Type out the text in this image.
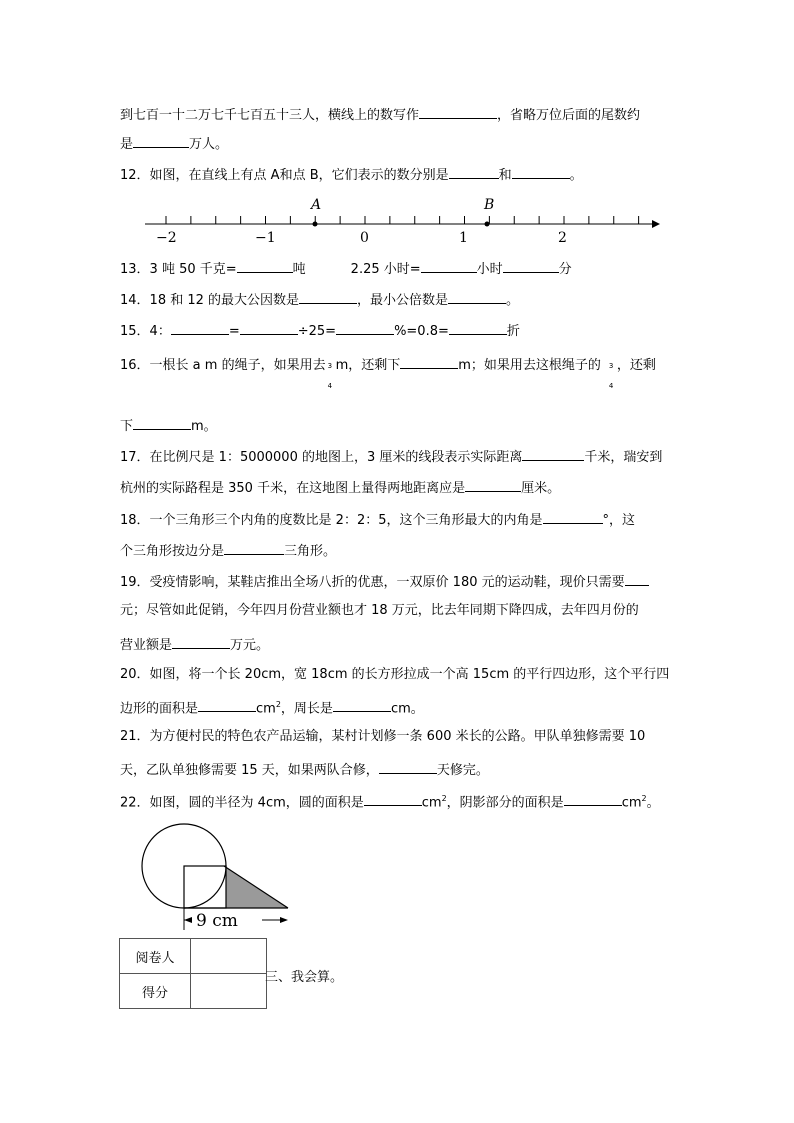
到七百一十二万七千七百五十三人，横线上的数写作	，省略万位后面的尾数约
是	万人。
12．如图，在直线上有点 A和点 B，它们表示的数分别是	和	。
A	B
−2	−1	0	1	2
13．3 吨 50 千克=	吨	2.25 小时=	小时	分
14．18 和 12 的最大公因数是	，最小公倍数是	。
15．4：	=	÷25=	%=0.8=	折
16．一根长 a m 的绳子，如果用去 3
4
m，还剩下	m；如果用去这根绳子的 3
4
，还剩
下	m。
17．在比例尺是 1：5000000 的地图上，3 厘米的线段表示实际距离	千米，瑞安到
杭州的实际路程是 350 千米，在这地图上量得两地距离应是	厘米。
18．一个三角形三个内角的度数比是 2：2：5，这个三角形最大的内角是	°，这
个三角形按边分是	三角形。
19．受疫情影响，某鞋店推出全场八折的优惠，一双原价 180 元的运动鞋，现价只需要
元；尽管如此促销，今年四月份营业额也才 18 万元，比去年同期下降四成，去年四月份的
营业额是	万元。
20．如图，将一个长 20cm，宽 18cm 的长方形拉成一个高 15cm 的平行四边形，这个平行四
边形的面积是	$cm^2$，周长是	cm。
21．为方便村民的特色农产品运输，某村计划修一条 600 米长的公路。甲队单独修需要 10
天，乙队单独修需要 15 天，如果两队合修，	天修完。
22．如图，圆的半径为 4cm，圆的面积是	$cm^2$，阴影部分的面积是	$cm^2$。
9 cm
阅卷人	
得分	
三、我会算。
